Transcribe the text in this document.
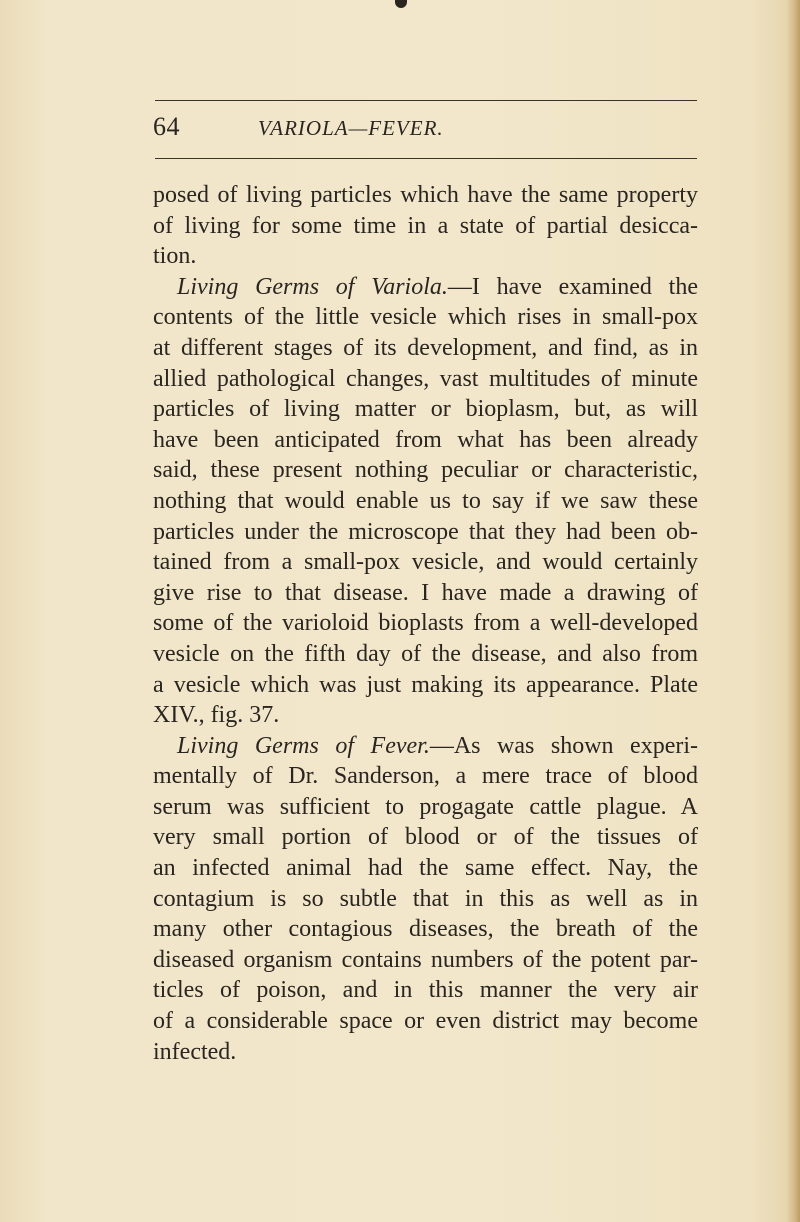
64	VARIOLA—FEVER.
posed of living particles which have the same property
of living for some time in a state of partial desicca-
tion.
Living Germs of Variola.—I have examined the
contents of the little vesicle which rises in small-pox
at different stages of its development, and find, as in
allied pathological changes, vast multitudes of minute
particles of living matter or bioplasm, but, as will
have been anticipated from what has been already
said, these present nothing peculiar or characteristic,
nothing that would enable us to say if we saw these
particles under the microscope that they had been ob-
tained from a small-pox vesicle, and would certainly
give rise to that disease. I have made a drawing of
some of the varioloid bioplasts from a well-developed
vesicle on the fifth day of the disease, and also from
a vesicle which was just making its appearance. Plate
XIV., fig. 37.
Living Germs of Fever.—As was shown experi-
mentally of Dr. Sanderson, a mere trace of blood
serum was sufficient to progagate cattle plague. A
very small portion of blood or of the tissues of
an infected animal had the same effect. Nay, the
contagium is so subtle that in this as well as in
many other contagious diseases, the breath of the
diseased organism contains numbers of the potent par-
ticles of poison, and in this manner the very air
of a considerable space or even district may become
infected.
